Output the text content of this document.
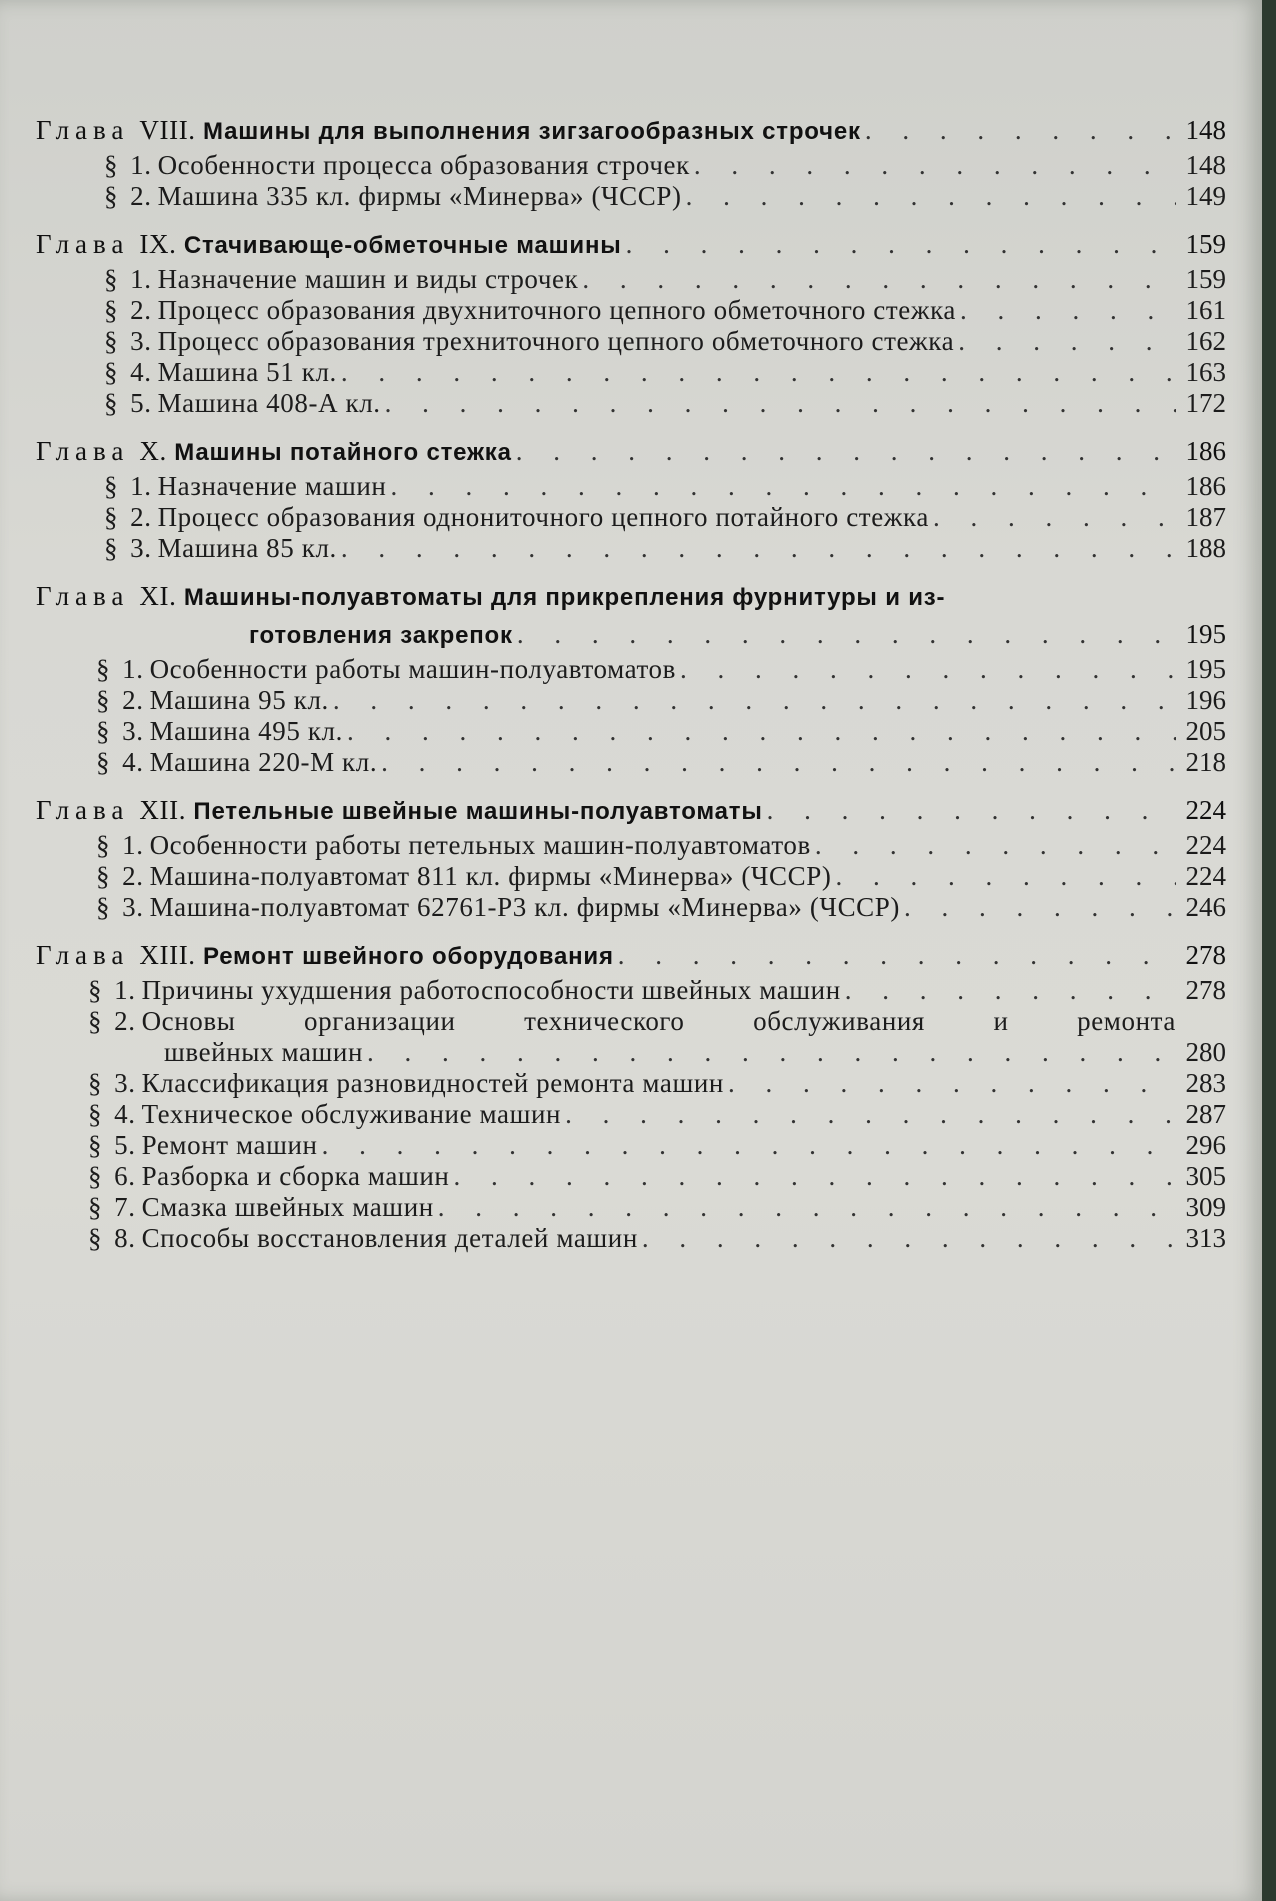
Глава VIII. Машины для выполнения зигзагообразных строчек . . .	148
§ 1. Особенности процесса образования строчек . . .	148
§ 2. Машина 335 кл. фирмы «Минерва» (ЧССР) . . .	149
Глава IX. Стачивающе-обметочные машины . . .	159
§ 1. Назначение машин и виды строчек . . .	159
§ 2. Процесс образования двухниточного цепного обметочного стежка . . .	161
§ 3. Процесс образования трехниточного цепного обметочного стежка . . .	162
§ 4. Машина 51 кл. . . .	163
§ 5. Машина 408-А кл. . . .	172
Глава X. Машины потайного стежка . . .	186
§ 1. Назначение машин . . .	186
§ 2. Процесс образования однониточного цепного потайного стежка . . .	187
§ 3. Машина 85 кл. . . .	188
Глава XI. Машины-полуавтоматы для прикрепления фурнитуры и из-
готовления закрепок . . .	195
§ 1. Особенности работы машин-полуавтоматов . . .	195
§ 2. Машина 95 кл. . . .	196
§ 3. Машина 495 кл. . . .	205
§ 4. Машина 220-М кл. . . .	218
Глава XII. Петельные швейные машины-полуавтоматы . . .	224
§ 1. Особенности работы петельных машин-полуавтоматов . . .	224
§ 2. Машина-полуавтомат 811 кл. фирмы «Минерва» (ЧССР) . . .	224
§ 3. Машина-полуавтомат 62761-Р3 кл. фирмы «Минерва» (ЧССР) . . .	246
Глава XIII. Ремонт швейного оборудования . . .	278
§ 1. Причины ухудшения работоспособности швейных машин . . .	278
§ 2. Основы	организации	технического	обслуживания	и	ремонта
швейных машин . . .	280
§ 3. Классификация разновидностей ремонта машин . . .	283
§ 4. Техническое обслуживание машин . . .	287
§ 5. Ремонт машин . . .	296
§ 6. Разборка и сборка машин . . .	305
§ 7. Смазка швейных машин . . .	309
§ 8. Способы восстановления деталей машин . . .	313
